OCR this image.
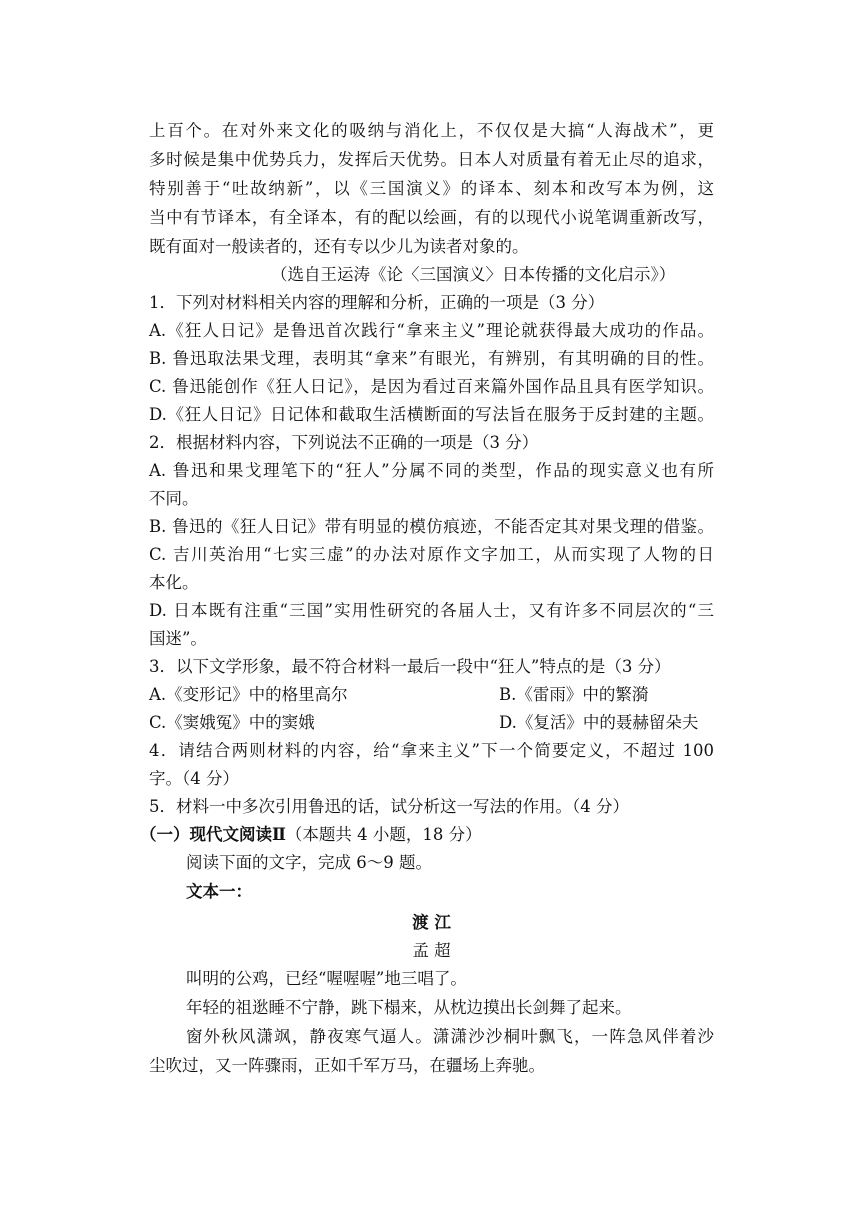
上百个。在对外来文化的吸纳与消化上，不仅仅是大搞“人海战术”，更
多时候是集中优势兵力，发挥后天优势。日本人对质量有着无止尽的追求，
特别善于“吐故纳新”，以《三国演义》的译本、刻本和改写本为例，这
当中有节译本，有全译本，有的配以绘画，有的以现代小说笔调重新改写，
既有面对一般读者的，还有专以少儿为读者对象的。
（选自王运涛《论〈三国演义〉日本传播的文化启示》）
1．下列对材料相关内容的理解和分析，正确的一项是（3 分）
A.《狂人日记》是鲁迅首次践行“拿来主义”理论就获得最大成功的作品。
B. 鲁迅取法果戈理，表明其“拿来”有眼光，有辨别，有其明确的目的性。
C. 鲁迅能创作《狂人日记》，是因为看过百来篇外国作品且具有医学知识。
D.《狂人日记》日记体和截取生活横断面的写法旨在服务于反封建的主题。
2．根据材料内容，下列说法不正确的一项是（3 分）
A. 鲁迅和果戈理笔下的“狂人”分属不同的类型，作品的现实意义也有所
不同。
B. 鲁迅的《狂人日记》带有明显的模仿痕迹，不能否定其对果戈理的借鉴。
C. 吉川英治用“七实三虚”的办法对原作文字加工，从而实现了人物的日
本化。
D. 日本既有注重“三国”实用性研究的各届人士，又有许多不同层次的“三
国迷”。
3．以下文学形象，最不符合材料一最后一段中“狂人”特点的是（3 分）
A.《变形记》中的格里高尔	B.《雷雨》中的繁漪
C.《窦娥冤》中的窦娥	D.《复活》中的聂赫留朵夫
4．请结合两则材料的内容，给“拿来主义”下一个简要定义，不超过 100
字。（4 分）
5．材料一中多次引用鲁迅的话，试分析这一写法的作用。（4 分）
（一）现代文阅读Ⅱ（本题共 4 小题，18 分）
阅读下面的文字，完成 6～9 题。
文本一：
渡 江
孟 超
叫明的公鸡，已经“喔喔喔”地三唱了。
年轻的祖逖睡不宁静，跳下榻来，从枕边摸出长剑舞了起来。
窗外秋风潇飒，静夜寒气逼人。潇潇沙沙桐叶飘飞，一阵急风伴着沙
尘吹过，又一阵骤雨，正如千军万马，在疆场上奔驰。
